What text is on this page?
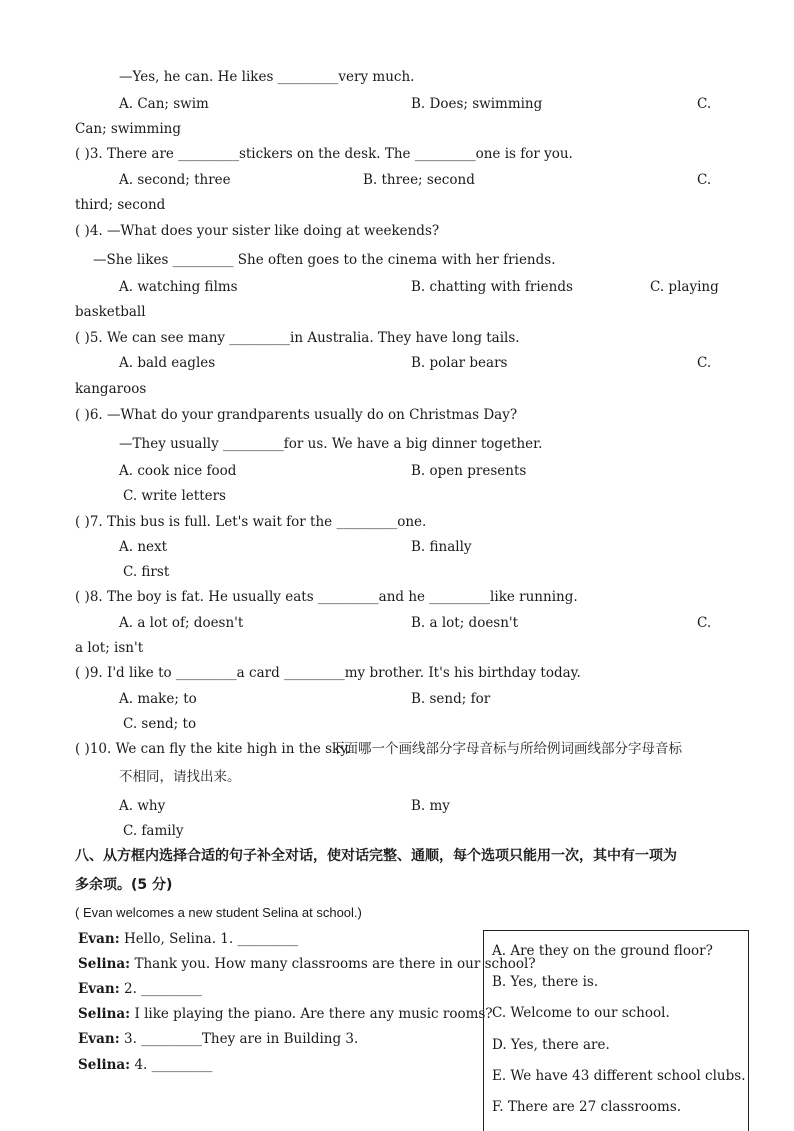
—Yes, he can. He likes _________very much.
A. Can; swim	B. Does; swimming	C.
Can; swimming
( )3. There are _________stickers on the desk. The _________one is for you.
A. second; three	B. three; second	C.
third; second
( )4. —What does your sister like doing at weekends?
—She likes _________ She often goes to the cinema with her friends.
A. watching films	B. chatting with friends	C. playing
basketball
( )5. We can see many _________in Australia. They have long tails.
A. bald eagles	B. polar bears	C.
kangaroos
( )6. —What do your grandparents usually do on Christmas Day?
—They usually _________for us. We have a big dinner together.
A. cook nice food	B. open presents
C. write letters
( )7. This bus is full. Let's wait for the _________one.
A. next	B. finally
C. first
( )8. The boy is fat. He usually eats _________and he _________like running.
A. a lot of; doesn't	B. a lot; doesn't	C.
a lot; isn't
( )9. I'd like to _________a card _________my brother. It's his birthday today.
A. make; to	B. send; for
C. send; to
( )10. We can fly the kite high in the sky.
下面哪一个画线部分字母音标与所给例词画线部分字母音标
不相同，请找出来。
A. why	B. my
C. family
八、从方框内选择合适的句子补全对话，使对话完整、通顺，每个选项只能用一次，其中有一项为
多余项。(5 分)
( Evan welcomes a new student Selina at school.)
Evan: Hello, Selina. 1. _________
Selina: Thank you. How many classrooms are there in our school?
Evan: 2. _________
Selina: I like playing the piano. Are there any music rooms?
Evan: 3. _________They are in Building 3.
Selina: 4. _________
A. Are they on the ground floor?
B. Yes, there is.
C. Welcome to our school.
D. Yes, there are.
E. We have 43 different school clubs.
F. There are 27 classrooms.
